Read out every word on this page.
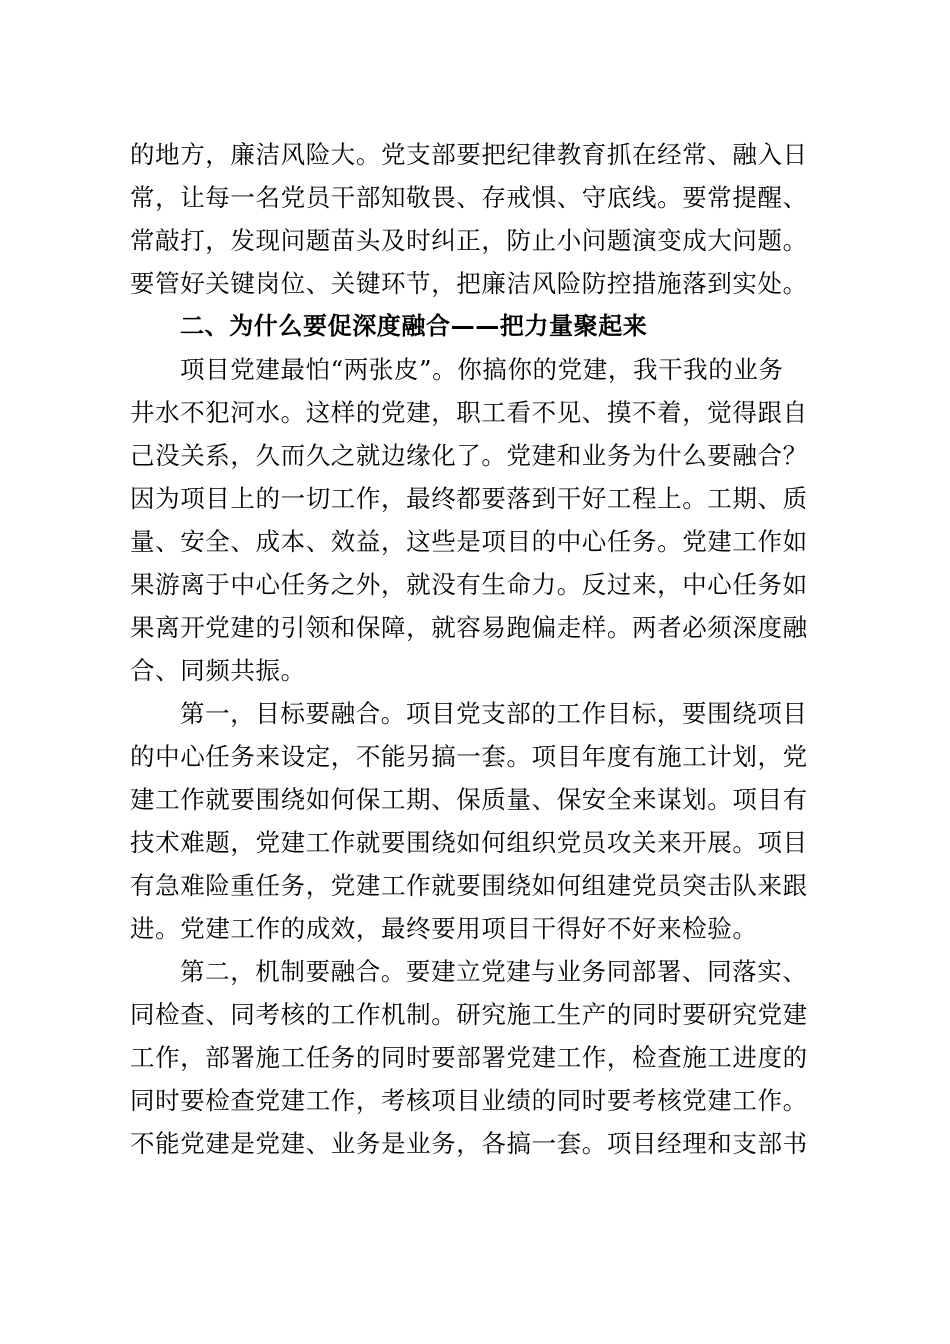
的地方，廉洁风险大。党支部要把纪律教育抓在经常、融入日
常，让每一名党员干部知敬畏、存戒惧、守底线。要常提醒、
常敲打，发现问题苗头及时纠正，防止小问题演变成大问题。
要管好关键岗位、关键环节，把廉洁风险防控措施落到实处。
二、为什么要促深度融合——把力量聚起来
项目党建最怕“两张皮”。你搞你的党建，我干我的业务
井水不犯河水。这样的党建，职工看不见、摸不着，觉得跟自
己没关系，久而久之就边缘化了。党建和业务为什么要融合？
因为项目上的一切工作，最终都要落到干好工程上。工期、质
量、安全、成本、效益，这些是项目的中心任务。党建工作如
果游离于中心任务之外，就没有生命力。反过来，中心任务如
果离开党建的引领和保障，就容易跑偏走样。两者必须深度融
合、同频共振。
第一，目标要融合。项目党支部的工作目标，要围绕项目
的中心任务来设定，不能另搞一套。项目年度有施工计划，党
建工作就要围绕如何保工期、保质量、保安全来谋划。项目有
技术难题，党建工作就要围绕如何组织党员攻关来开展。项目
有急难险重任务，党建工作就要围绕如何组建党员突击队来跟
进。党建工作的成效，最终要用项目干得好不好来检验。
第二，机制要融合。要建立党建与业务同部署、同落实、
同检查、同考核的工作机制。研究施工生产的同时要研究党建
工作，部署施工任务的同时要部署党建工作，检查施工进度的
同时要检查党建工作，考核项目业绩的同时要考核党建工作。
不能党建是党建、业务是业务，各搞一套。项目经理和支部书
